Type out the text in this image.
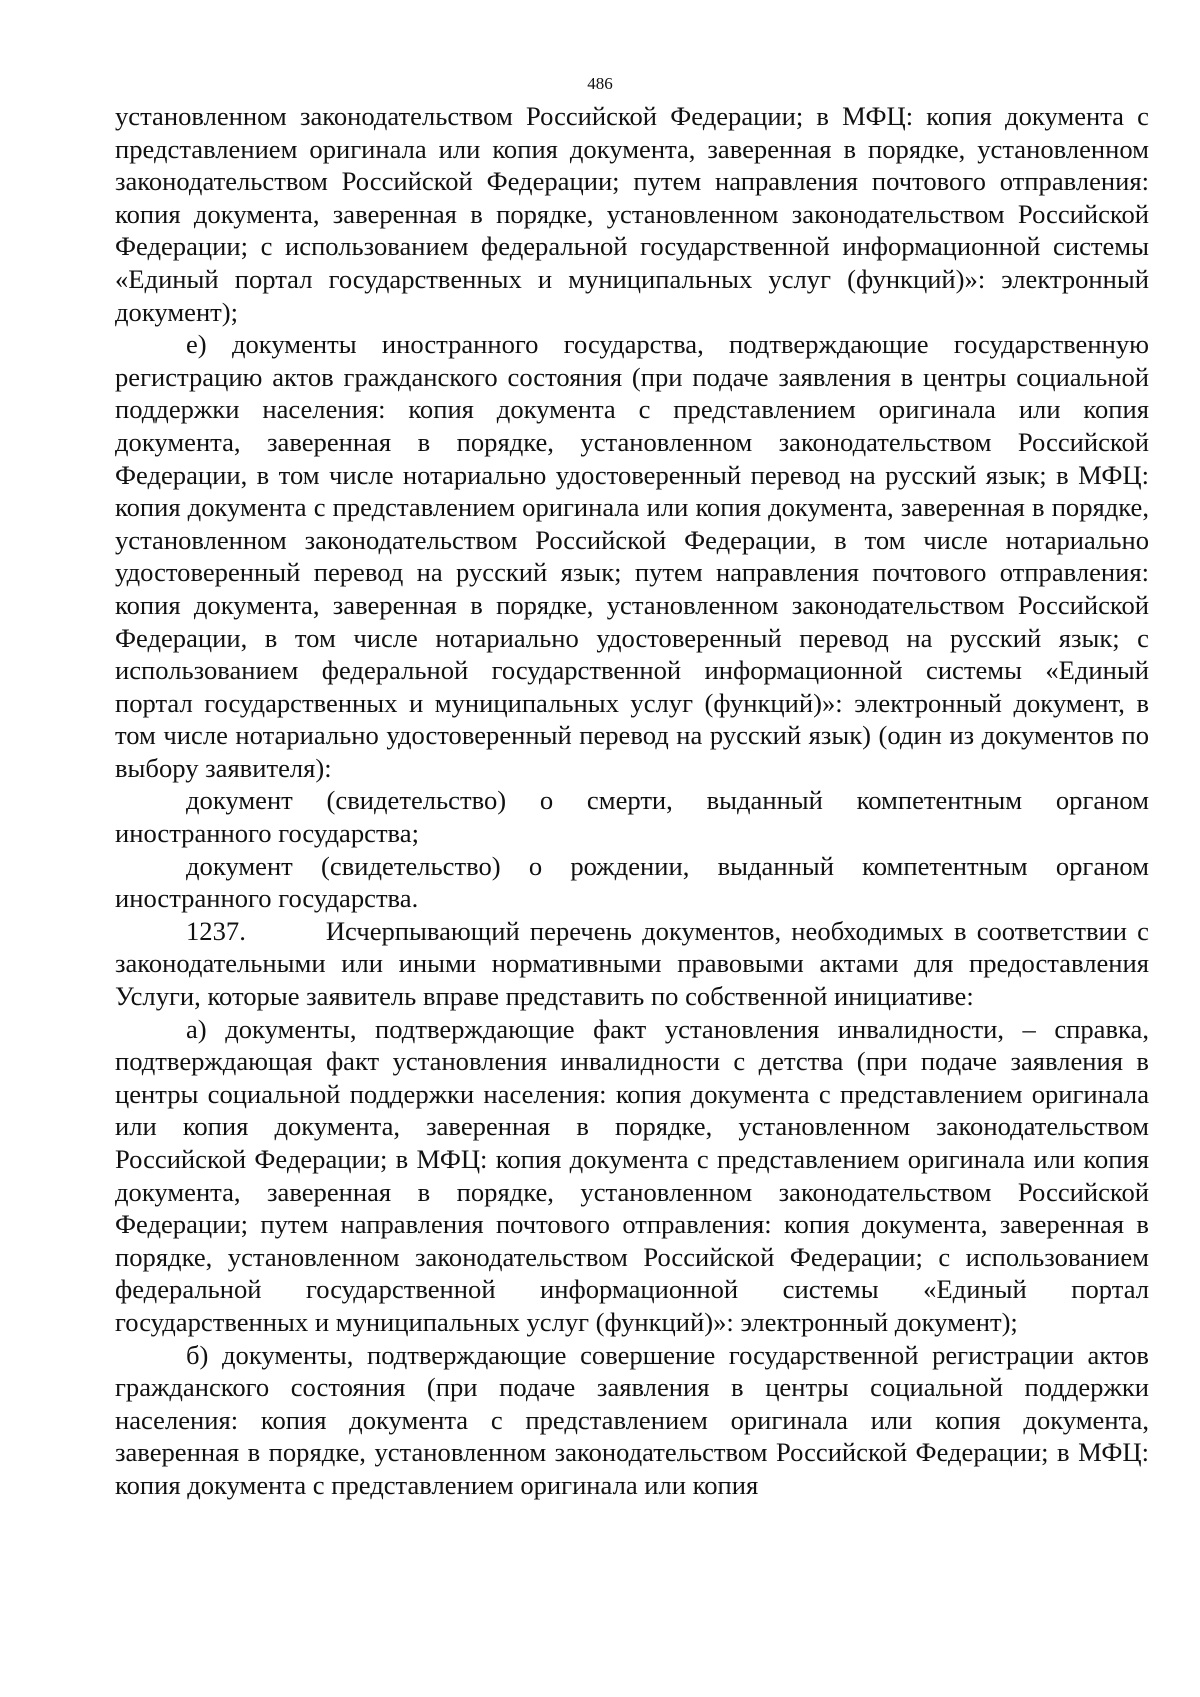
486

установленном законодательством Российской Федерации; в МФЦ: копия документа с представлением оригинала или копия документа, заверенная в порядке, установленном законодательством Российской Федерации; путем направления почтового отправления: копия документа, заверенная в порядке, установленном законодательством Российской Федерации; с использованием федеральной государственной информационной системы «Единый портал государственных и муниципальных услуг (функций)»: электронный документ);

е) документы иностранного государства, подтверждающие государственную регистрацию актов гражданского состояния (при подаче заявления в центры социальной поддержки населения: копия документа с представлением оригинала или копия документа, заверенная в порядке, установленном законодательством Российской Федерации, в том числе нотариально удостоверенный перевод на русский язык; в МФЦ: копия документа с представлением оригинала или копия документа, заверенная в порядке, установленном законодательством Российской Федерации, в том числе нотариально удостоверенный перевод на русский язык; путем направления почтового отправления: копия документа, заверенная в порядке, установленном законодательством Российской Федерации, в том числе нотариально удостоверенный перевод на русский язык; с использованием федеральной государственной информационной системы «Единый портал государственных и муниципальных услуг (функций)»: электронный документ, в том числе нотариально удостоверенный перевод на русский язык) (один из документов по выбору заявителя):

документ (свидетельство) о смерти, выданный компетентным органом иностранного государства;

документ (свидетельство) о рождении, выданный компетентным органом иностранного государства.

1237.	Исчерпывающий перечень документов, необходимых в соответствии с законодательными или иными нормативными правовыми актами для предоставления Услуги, которые заявитель вправе представить по собственной инициативе:

а) документы, подтверждающие факт установления инвалидности, – справка, подтверждающая факт установления инвалидности с детства (при подаче заявления в центры социальной поддержки населения: копия документа с представлением оригинала или копия документа, заверенная в порядке, установленном законодательством Российской Федерации; в МФЦ: копия документа с представлением оригинала или копия документа, заверенная в порядке, установленном законодательством Российской Федерации; путем направления почтового отправления: копия документа, заверенная в порядке, установленном законодательством Российской Федерации; с использованием федеральной государственной информационной системы «Единый портал государственных и муниципальных услуг (функций)»: электронный документ);

б) документы, подтверждающие совершение государственной регистрации актов гражданского состояния (при подаче заявления в центры социальной поддержки населения: копия документа с представлением оригинала или копия документа, заверенная в порядке, установленном законодательством Российской Федерации; в МФЦ: копия документа с представлением оригинала или копия
